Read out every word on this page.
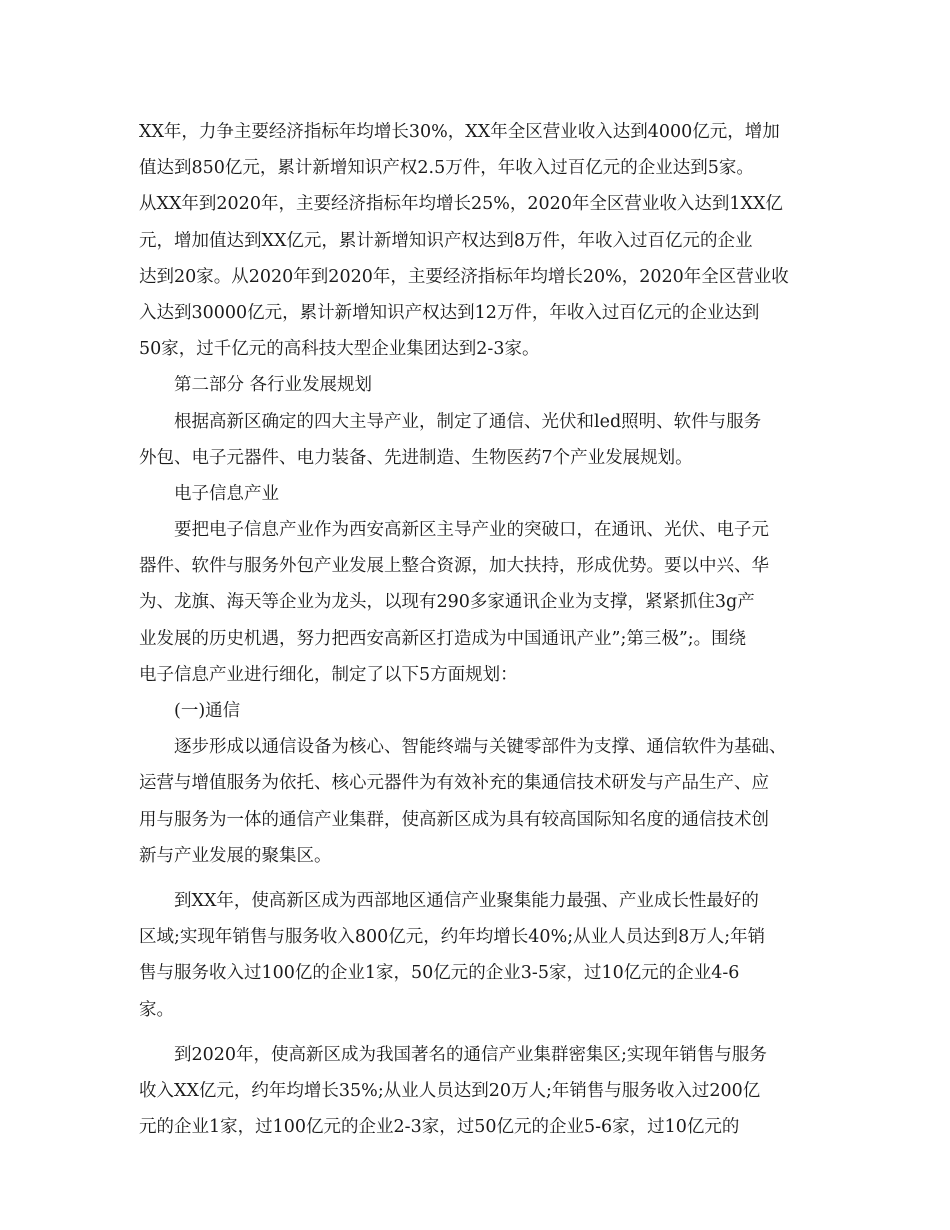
XX年，力争主要经济指标年均增长30%，XX年全区营业收入达到4000亿元，增加
值达到850亿元，累计新增知识产权2.5万件，年收入过百亿元的企业达到5家。
从XX年到2020年，主要经济指标年均增长25%，2020年全区营业收入达到1XX亿
元，增加值达到XX亿元，累计新增知识产权达到8万件，年收入过百亿元的企业
达到20家。从2020年到2020年，主要经济指标年均增长20%，2020年全区营业收
入达到30000亿元，累计新增知识产权达到12万件，年收入过百亿元的企业达到
50家，过千亿元的高科技大型企业集团达到2-3家。
第二部分 各行业发展规划
根据高新区确定的四大主导产业，制定了通信、光伏和led照明、软件与服务
外包、电子元器件、电力装备、先进制造、生物医药7个产业发展规划。
电子信息产业
要把电子信息产业作为西安高新区主导产业的突破口，在通讯、光伏、电子元
器件、软件与服务外包产业发展上整合资源，加大扶持，形成优势。要以中兴、华
为、龙旗、海天等企业为龙头，以现有290多家通讯企业为支撑，紧紧抓住3g产
业发展的历史机遇，努力把西安高新区打造成为中国通讯产业”;第三极”;。围绕
电子信息产业进行细化，制定了以下5方面规划：
(一)通信
逐步形成以通信设备为核心、智能终端与关键零部件为支撑、通信软件为基础、
运营与增值服务为依托、核心元器件为有效补充的集通信技术研发与产品生产、应
用与服务为一体的通信产业集群，使高新区成为具有较高国际知名度的通信技术创
新与产业发展的聚集区。
到XX年，使高新区成为西部地区通信产业聚集能力最强、产业成长性最好的
区域;实现年销售与服务收入800亿元，约年均增长40%;从业人员达到8万人;年销
售与服务收入过100亿的企业1家，50亿元的企业3-5家，过10亿元的企业4-6
家。
到2020年，使高新区成为我国著名的通信产业集群密集区;实现年销售与服务
收入XX亿元，约年均增长35%;从业人员达到20万人;年销售与服务收入过200亿
元的企业1家，过100亿元的企业2-3家，过50亿元的企业5-6家，过10亿元的
